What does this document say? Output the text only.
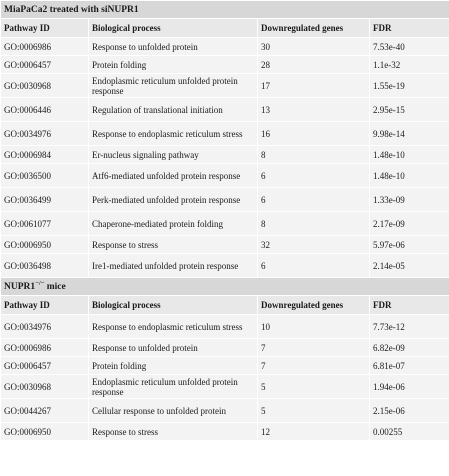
MiaPaCa2 treated with siNUPR1			
Pathway ID	Biological process	Downregulated genes	FDR
GO:0006986	Response to unfolded protein	30	7.53e-40
GO:0006457	Protein folding	28	1.1e-32
GO:0030968	Endoplasmic reticulum unfolded protein response	17	1.55e-19
GO:0006446	Regulation of translational initiation	13	2.95e-15
GO:0034976	Response to endoplasmic reticulum stress	16	9.98e-14
GO:0006984	Er-nucleus signaling pathway	8	1.48e-10
GO:0036500	Atf6-mediated unfolded protein response	6	1.48e-10
GO:0036499	Perk-mediated unfolded protein response	6	1.33e-09
GO:0061077	Chaperone-mediated protein folding	8	2.17e-09
GO:0006950	Response to stress	32	5.97e-06
GO:0036498	Ire1-mediated unfolded protein response	6	2.14e-05
NUPR1−/− mice			
Pathway ID	Biological process	Downregulated genes	FDR
GO:0034976	Response to endoplasmic reticulum stress	10	7.73e-12
GO:0006986	Response to unfolded protein	7	6.82e-09
GO:0006457	Protein folding	7	6.81e-07
GO:0030968	Endoplasmic reticulum unfolded protein response	5	1.94e-06
GO:0044267	Cellular response to unfolded protein	5	2.15e-06
GO:0006950	Response to stress	12	0.00255
